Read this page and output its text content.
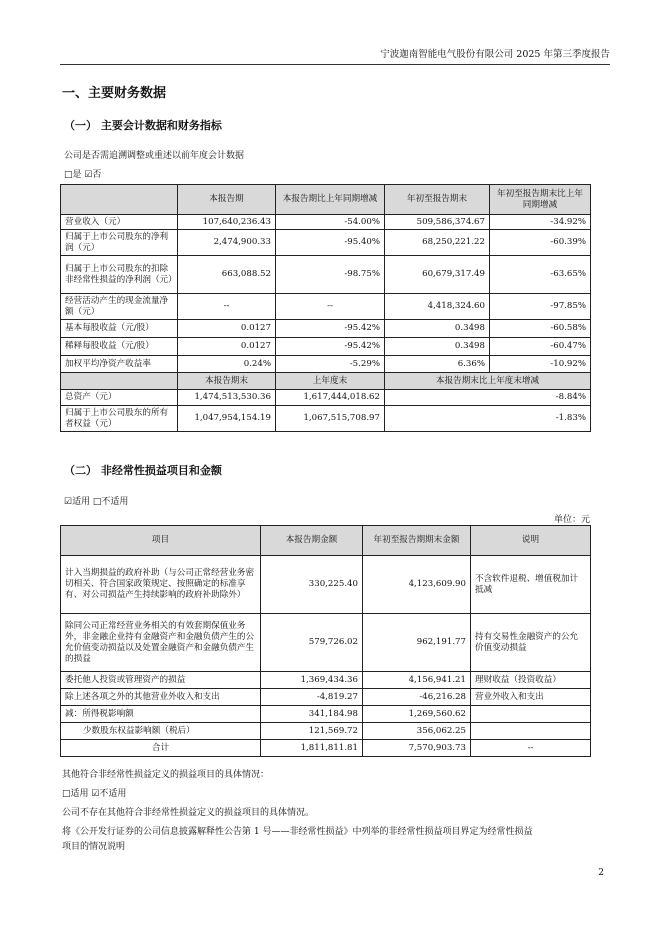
宁波迦南智能电气股份有限公司 2025 年第三季度报告
一、主要财务数据
（一） 主要会计数据和财务指标
公司是否需追溯调整或重述以前年度会计数据
□是 ☑否
	本报告期	本报告期比上年同期增减	年初至报告期末	年初至报告期末比上年同期增减
营业收入（元）	107,640,236.43	-54.00%	509,586,374.67	-34.92%
归属于上市公司股东的净利润（元）	2,474,900.33	-95.40%	68,250,221.22	-60.39%
归属于上市公司股东的扣除非经常性损益的净利润（元）	663,088.52	-98.75%	60,679,317.49	-63.65%
经营活动产生的现金流量净额（元）	--	--	4,418,324.60	-97.85%
基本每股收益（元/股）	0.0127	-95.42%	0.3498	-60.58%
稀释每股收益（元/股）	0.0127	-95.42%	0.3498	-60.47%
加权平均净资产收益率	0.24%	-5.29%	6.36%	-10.92%
	本报告期末	上年度末	本报告期末比上年度末增减	
总资产（元）	1,474,513,530.36	1,617,444,018.62	-8.84%	
归属于上市公司股东的所有者权益（元）	1,047,954,154.19	1,067,515,708.97	-1.83%	
（二） 非经常性损益项目和金额
☑适用 □不适用
单位：元
项目	本报告期金额	年初至报告期期末金额	说明
计入当期损益的政府补助（与公司正常经营业务密切相关、符合国家政策规定、按照确定的标准享有、对公司损益产生持续影响的政府补助除外）	330,225.40	4,123,609.90	不含软件退税、增值税加计抵减
除同公司正常经营业务相关的有效套期保值业务外，非金融企业持有金融资产和金融负债产生的公允价值变动损益以及处置金融资产和金融负债产生的损益	579,726.02	962,191.77	持有交易性金融资产的公允价值变动损益
委托他人投资或管理资产的损益	1,369,434.36	4,156,941.21	理财收益（投资收益）
除上述各项之外的其他营业外收入和支出	-4,819.27	-46,216.28	营业外收入和支出
减：所得税影响额	341,184.98	1,269,560.62	
少数股东权益影响额（税后）	121,569.72	356,062.25	
合计	1,811,811.81	7,570,903.73	--
其他符合非经常性损益定义的损益项目的具体情况：
□适用 ☑不适用
公司不存在其他符合非经常性损益定义的损益项目的具体情况。
将《公开发行证券的公司信息披露解释性公告第 1 号——非经常性损益》中列举的非经常性损益项目界定为经常性损益
项目的情况说明
2
